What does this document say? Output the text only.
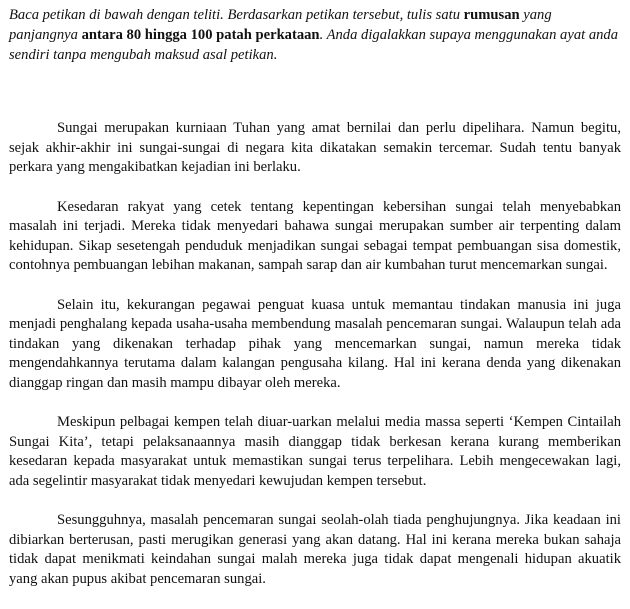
Baca petikan di bawah dengan teliti. Berdasarkan petikan tersebut, tulis satu rumusan yang panjangnya antara 80 hingga 100 patah perkataan. Anda digalakkan supaya menggunakan ayat anda sendiri tanpa mengubah maksud asal petikan.

Sungai merupakan kurniaan Tuhan yang amat bernilai dan perlu dipelihara. Namun begitu, sejak akhir-akhir ini sungai-sungai di negara kita dikatakan semakin tercemar. Sudah tentu banyak perkara yang mengakibatkan kejadian ini berlaku.

Kesedaran rakyat yang cetek tentang kepentingan kebersihan sungai telah menyebabkan masalah ini terjadi. Mereka tidak menyedari bahawa sungai merupakan sumber air terpenting dalam kehidupan. Sikap sesetengah penduduk menjadikan sungai sebagai tempat pembuangan sisa domestik, contohnya pembuangan lebihan makanan, sampah sarap dan air kumbahan turut mencemarkan sungai.

Selain itu, kekurangan pegawai penguat kuasa untuk memantau tindakan manusia ini juga menjadi penghalang kepada usaha-usaha membendung masalah pencemaran sungai. Walaupun telah ada tindakan yang dikenakan terhadap pihak yang mencemarkan sungai, namun mereka tidak mengendahkannya terutama dalam kalangan pengusaha kilang. Hal ini kerana denda yang dikenakan dianggap ringan dan masih mampu dibayar oleh mereka.

Meskipun pelbagai kempen telah diuar-uarkan melalui media massa seperti ‘Kempen Cintailah Sungai Kita’, tetapi pelaksanaannya masih dianggap tidak berkesan kerana kurang memberikan kesedaran kepada masyarakat untuk memastikan sungai terus terpelihara. Lebih mengecewakan lagi, ada segelintir masyarakat tidak menyedari kewujudan kempen tersebut.

Sesungguhnya, masalah pencemaran sungai seolah-olah tiada penghujungnya. Jika keadaan ini dibiarkan berterusan, pasti merugikan generasi yang akan datang. Hal ini kerana mereka bukan sahaja tidak dapat menikmati keindahan sungai malah mereka juga tidak dapat mengenali hidupan akuatik yang akan pupus akibat pencemaran sungai.
